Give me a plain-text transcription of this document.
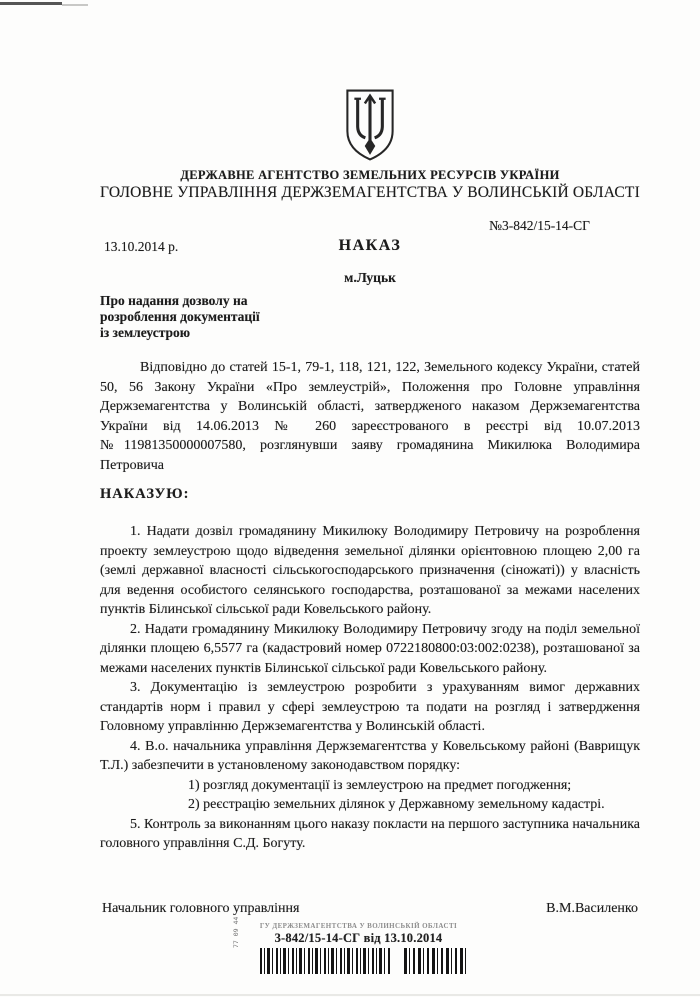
ДЕРЖАВНЕ АГЕНТСТВО ЗЕМЕЛЬНИХ РЕСУРСІВ УКРАЇНИ
ГОЛОВНЕ УПРАВЛІННЯ ДЕРЖЗЕМАГЕНТСТВА У ВОЛИНСЬКІЙ ОБЛАСТІ
№3-842/15-14-СГ
13.10.2014 р.	НАКАЗ
м.Луцьк
Про надання дозволу на
розроблення документації
із землеустрою

Відповідно до статей 15-1, 79-1, 118, 121, 122, Земельного кодексу України, статей 50, 56 Закону України «Про землеустрій», Положення про Головне управління Держземагентства у Волинській області, затвердженого наказом Держземагентства України від 14.06.2013 № 260 зареєстрованого в реєстрі від 10.07.2013 №11981350000007580, розглянувши заяву громадянина Микилюка Володимира Петровича

НАКАЗУЮ:

1. Надати дозвіл громадянину Микилюку Володимиру Петровичу на розроблення проекту землеустрою щодо відведення земельної ділянки орієнтовною площею 2,00 га (землі державної власності сільськогосподарського призначення (сіножаті)) у власність для ведення особистого селянського господарства, розташованої за межами населених пунктів Білинської сільської ради Ковельського району.

2. Надати громадянину Микилюку Володимиру Петровичу згоду на поділ земельної ділянки площею 6,5577 га (кадастровий номер 0722180800:03:002:0238), розташованої за межами населених пунктів Білинської сільської ради Ковельського району.

3. Документацію із землеустрою розробити з урахуванням вимог державних стандартів норм і правил у сфері землеустрою та подати на розгляд і затвердження Головному управлінню Держземагентства у Волинській області.

4. В.о. начальника управління Держземагентства у Ковельському районі (Ваврищук Т.Л.) забезпечити в установленому законодавством порядку:

1) розгляд документації із землеустрою на предмет погодження;

2) реєстрацію земельних ділянок у Державному земельному кадастрі.

5. Контроль за виконанням цього наказу покласти на першого заступника начальника головного управління С.Д. Богуту.

Начальник головного управління	В.М.Василенко
77 09 44	ГУ ДЕРЖЗЕМАГЕНТСТВА У ВОЛИНСЬКІЙ ОБЛАСТІ
3-842/15-14-СГ від 13.10.2014
